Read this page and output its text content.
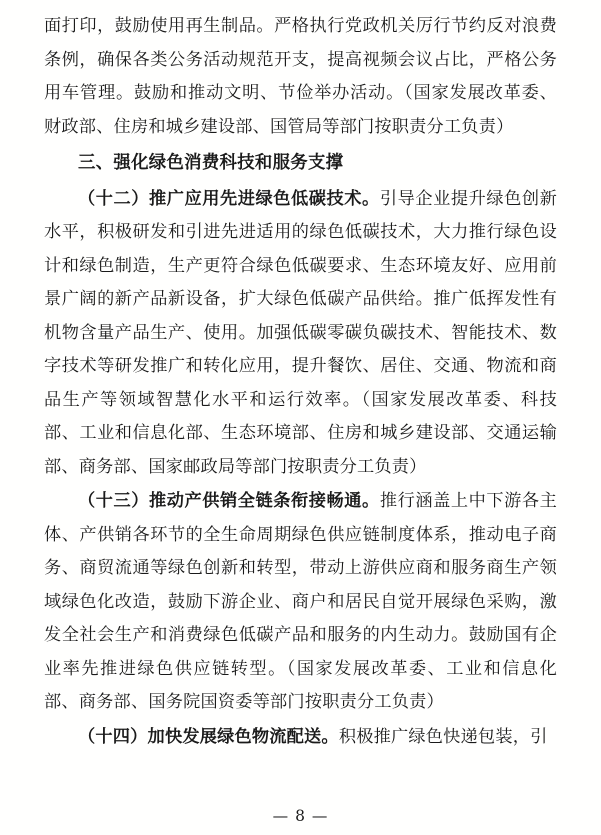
面打印，鼓励使用再生制品。严格执行党政机关厉行节约反对浪费条例，确保各类公务活动规范开支，提高视频会议占比，严格公务用车管理。鼓励和推动文明、节俭举办活动。（国家发展改革委、财政部、住房和城乡建设部、国管局等部门按职责分工负责）

三、强化绿色消费科技和服务支撑

（十二）推广应用先进绿色低碳技术。引导企业提升绿色创新水平，积极研发和引进先进适用的绿色低碳技术，大力推行绿色设计和绿色制造，生产更符合绿色低碳要求、生态环境友好、应用前景广阔的新产品新设备，扩大绿色低碳产品供给。推广低挥发性有机物含量产品生产、使用。加强低碳零碳负碳技术、智能技术、数字技术等研发推广和转化应用，提升餐饮、居住、交通、物流和商品生产等领域智慧化水平和运行效率。（国家发展改革委、科技部、工业和信息化部、生态环境部、住房和城乡建设部、交通运输部、商务部、国家邮政局等部门按职责分工负责）

（十三）推动产供销全链条衔接畅通。推行涵盖上中下游各主体、产供销各环节的全生命周期绿色供应链制度体系，推动电子商务、商贸流通等绿色创新和转型，带动上游供应商和服务商生产领域绿色化改造，鼓励下游企业、商户和居民自觉开展绿色采购，激发全社会生产和消费绿色低碳产品和服务的内生动力。鼓励国有企业率先推进绿色供应链转型。（国家发展改革委、工业和信息化部、商务部、国务院国资委等部门按职责分工负责）

（十四）加快发展绿色物流配送。积极推广绿色快递包装，引

— 8 —
